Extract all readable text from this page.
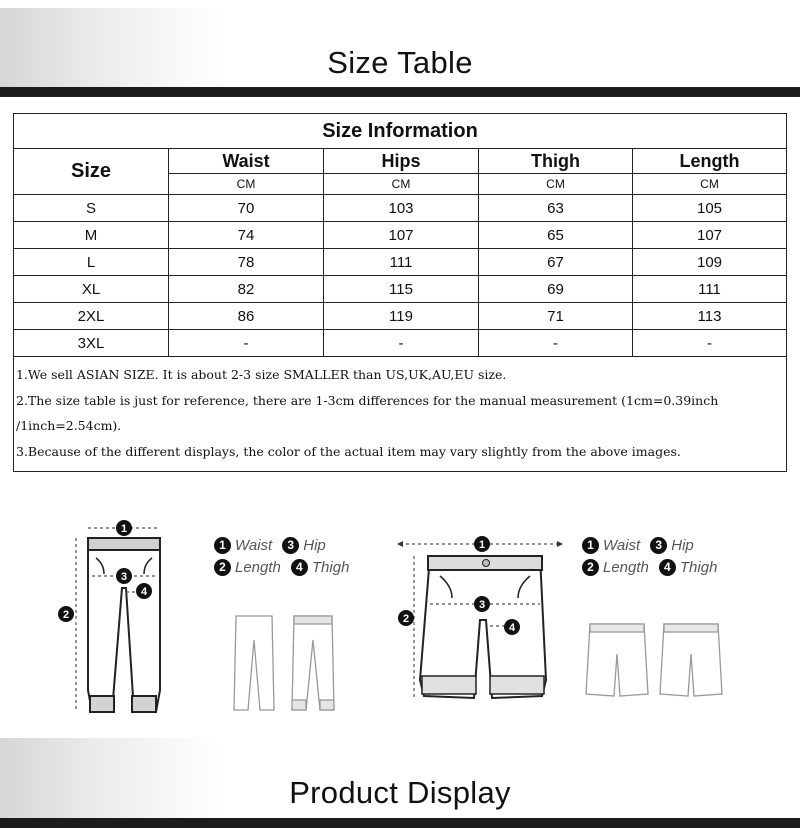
Size Table
Size Information				
Size	Waist	Hips	Thigh	Length
	CM	CM	CM	CM
S	70	103	63	105
M	74	107	65	107
L	78	111	67	109
XL	82	115	69	111
2XL	86	119	71	113
3XL	-	-	-	-

1.We sell ASIAN SIZE. It is about 2-3 size SMALLER than US,UK,AU,EU size.

2.The size table is just for reference, there are 1-3cm differences for the manual measurement (1cm=0.39inch /1inch=2.54cm).

3.Because of the different displays, the color of the actual item may vary slightly from the above images.				

1
2
3
4
1
2
3
4
1 Waist	3 Hip
2 Length	4 Thigh
1 Waist	3 Hip
2 Length	4 Thigh
Product Display
